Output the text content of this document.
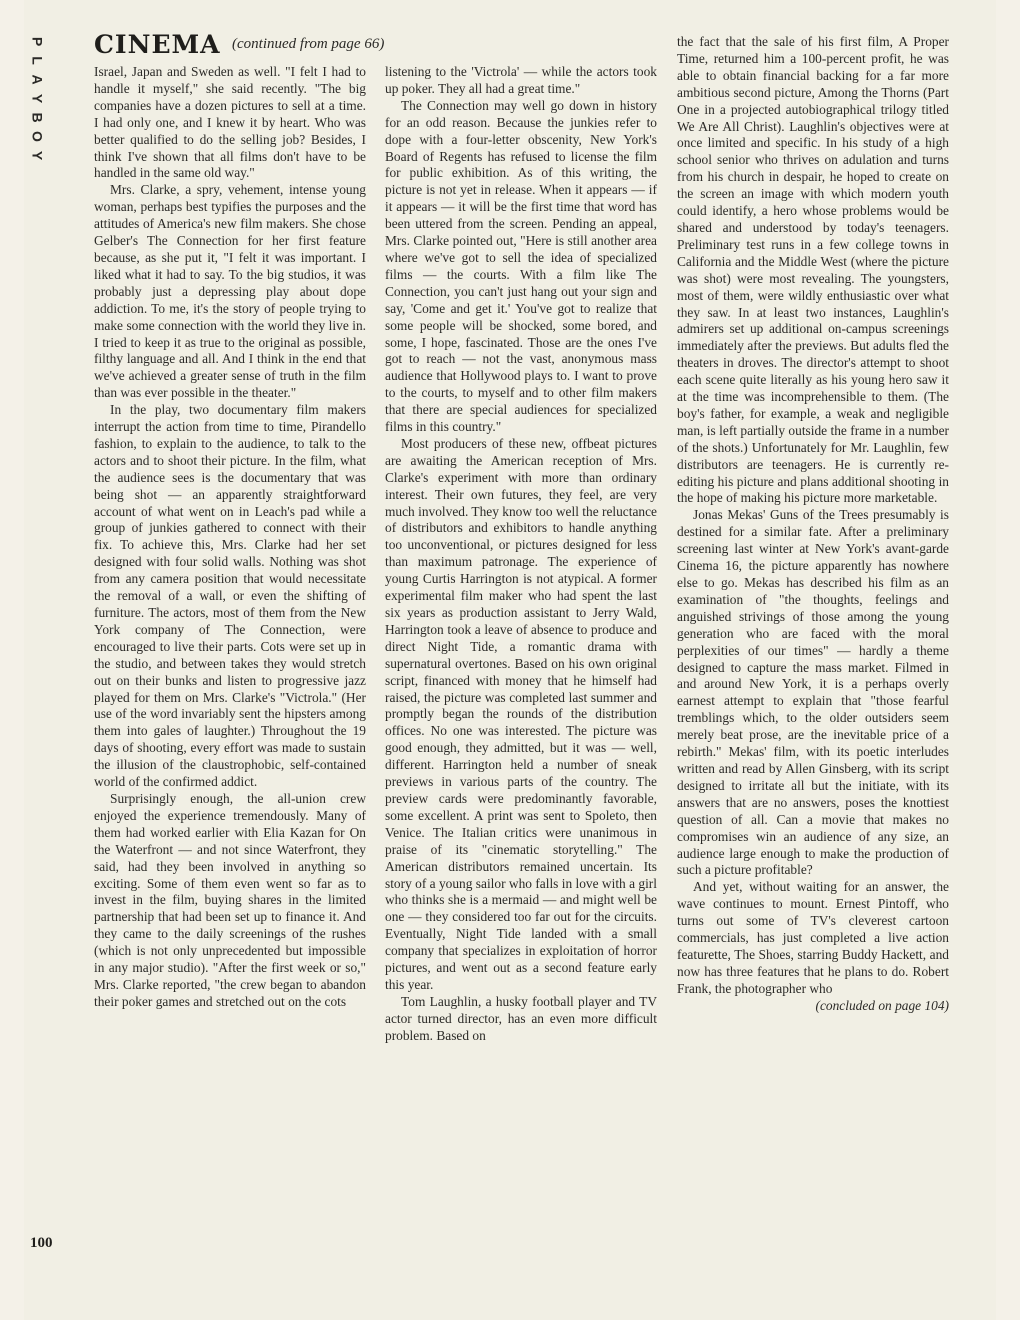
P
L
A
Y
B
O
Y
CINEMA (continued from page 66)

Israel, Japan and Sweden as well. "I felt I had to handle it myself," she said recently. "The big companies have a dozen pictures to sell at a time. I had only one, and I knew it by heart. Who was better qualified to do the selling job? Besides, I think I've shown that all films don't have to be handled in the same old way."

Mrs. Clarke, a spry, vehement, intense young woman, perhaps best typifies the purposes and the attitudes of America's new film makers. She chose Gelber's The Connection for her first feature because, as she put it, "I felt it was important. I liked what it had to say. To the big studios, it was probably just a depressing play about dope addiction. To me, it's the story of people trying to make some connection with the world they live in. I tried to keep it as true to the original as possible, filthy language and all. And I think in the end that we've achieved a greater sense of truth in the film than was ever possible in the theater."

In the play, two documentary film makers interrupt the action from time to time, Pirandello fashion, to explain to the audience, to talk to the actors and to shoot their picture. In the film, what the audience sees is the documentary that was being shot — an apparently straightforward account of what went on in Leach's pad while a group of junkies gathered to connect with their fix. To achieve this, Mrs. Clarke had her set designed with four solid walls. Nothing was shot from any camera position that would necessitate the removal of a wall, or even the shifting of furniture. The actors, most of them from the New York company of The Connection, were encouraged to live their parts. Cots were set up in the studio, and between takes they would stretch out on their bunks and listen to progressive jazz played for them on Mrs. Clarke's "Victrola." (Her use of the word invariably sent the hipsters among them into gales of laughter.) Throughout the 19 days of shooting, every effort was made to sustain the illusion of the claustrophobic, self-contained world of the confirmed addict.

Surprisingly enough, the all-union crew enjoyed the experience tremendously. Many of them had worked earlier with Elia Kazan for On the Waterfront — and not since Waterfront, they said, had they been involved in anything so exciting. Some of them even went so far as to invest in the film, buying shares in the limited partnership that had been set up to finance it. And they came to the daily screenings of the rushes (which is not only unprecedented but impossible in any major studio). "After the first week or so," Mrs. Clarke reported, "the crew began to abandon their poker games and stretched out on the cots

listening to the 'Victrola' — while the actors took up poker. They all had a great time."

The Connection may well go down in history for an odd reason. Because the junkies refer to dope with a four-letter obscenity, New York's Board of Regents has refused to license the film for public exhibition. As of this writing, the picture is not yet in release. When it appears — if it appears — it will be the first time that word has been uttered from the screen. Pending an appeal, Mrs. Clarke pointed out, "Here is still another area where we've got to sell the idea of specialized films — the courts. With a film like The Connection, you can't just hang out your sign and say, 'Come and get it.' You've got to realize that some people will be shocked, some bored, and some, I hope, fascinated. Those are the ones I've got to reach — not the vast, anonymous mass audience that Hollywood plays to. I want to prove to the courts, to myself and to other film makers that there are special audiences for specialized films in this country."

Most producers of these new, offbeat pictures are awaiting the American reception of Mrs. Clarke's experiment with more than ordinary interest. Their own futures, they feel, are very much involved. They know too well the reluctance of distributors and exhibitors to handle anything too unconventional, or pictures designed for less than maximum patronage. The experience of young Curtis Harrington is not atypical. A former experimental film maker who had spent the last six years as production assistant to Jerry Wald, Harrington took a leave of absence to produce and direct Night Tide, a romantic drama with supernatural overtones. Based on his own original script, financed with money that he himself had raised, the picture was completed last summer and promptly began the rounds of the distribution offices. No one was interested. The picture was good enough, they admitted, but it was — well, different. Harrington held a number of sneak previews in various parts of the country. The preview cards were predominantly favorable, some excellent. A print was sent to Spoleto, then Venice. The Italian critics were unanimous in praise of its "cinematic storytelling." The American distributors remained uncertain. Its story of a young sailor who falls in love with a girl who thinks she is a mermaid — and might well be one — they considered too far out for the circuits. Eventually, Night Tide landed with a small company that specializes in exploitation of horror pictures, and went out as a second feature early this year.

Tom Laughlin, a husky football player and TV actor turned director, has an even more difficult problem. Based on

the fact that the sale of his first film, A Proper Time, returned him a 100-percent profit, he was able to obtain financial backing for a far more ambitious second picture, Among the Thorns (Part One in a projected autobiographical trilogy titled We Are All Christ). Laughlin's objectives were at once limited and specific. In his study of a high school senior who thrives on adulation and turns from his church in despair, he hoped to create on the screen an image with which modern youth could identify, a hero whose problems would be shared and understood by today's teenagers. Preliminary test runs in a few college towns in California and the Middle West (where the picture was shot) were most revealing. The youngsters, most of them, were wildly enthusiastic over what they saw. In at least two instances, Laughlin's admirers set up additional on-campus screenings immediately after the previews. But adults fled the theaters in droves. The director's attempt to shoot each scene quite literally as his young hero saw it at the time was incomprehensible to them. (The boy's father, for example, a weak and negligible man, is left partially outside the frame in a number of the shots.) Unfortunately for Mr. Laughlin, few distributors are teenagers. He is currently re-editing his picture and plans additional shooting in the hope of making his picture more marketable.

Jonas Mekas' Guns of the Trees presumably is destined for a similar fate. After a preliminary screening last winter at New York's avant-garde Cinema 16, the picture apparently has nowhere else to go. Mekas has described his film as an examination of "the thoughts, feelings and anguished strivings of those among the young generation who are faced with the moral perplexities of our times" — hardly a theme designed to capture the mass market. Filmed in and around New York, it is a perhaps overly earnest attempt to explain that "those fearful tremblings which, to the older outsiders seem merely beat prose, are the inevitable price of a rebirth." Mekas' film, with its poetic interludes written and read by Allen Ginsberg, with its script designed to irritate all but the initiate, with its answers that are no answers, poses the knottiest question of all. Can a movie that makes no compromises win an audience of any size, an audience large enough to make the production of such a picture profitable?

And yet, without waiting for an answer, the wave continues to mount. Ernest Pintoff, who turns out some of TV's cleverest cartoon commercials, has just completed a live action featurette, The Shoes, starring Buddy Hackett, and now has three features that he plans to do. Robert Frank, the photographer who

(concluded on page 104)
100
